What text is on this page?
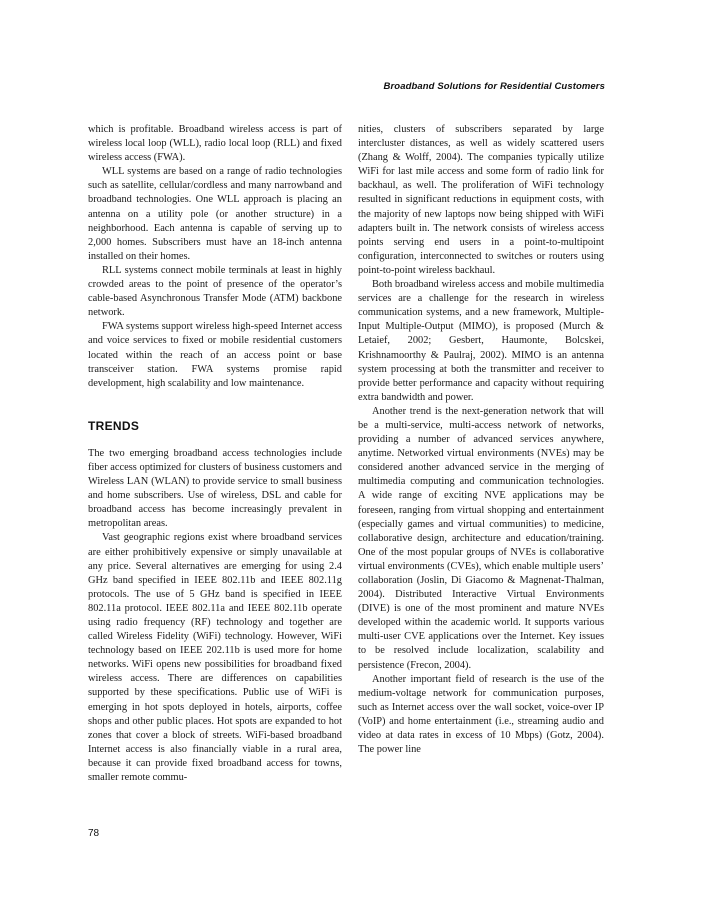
Broadband Solutions for Residential Customers

which is profitable. Broadband wireless access is part of wireless local loop (WLL), radio local loop (RLL) and fixed wireless access (FWA).

WLL systems are based on a range of radio technologies such as satellite, cellular/cordless and many narrowband and broadband technologies. One WLL approach is placing an antenna on a utility pole (or another structure) in a neighborhood. Each antenna is capable of serving up to 2,000 homes. Subscribers must have an 18-inch antenna installed on their homes.

RLL systems connect mobile terminals at least in highly crowded areas to the point of presence of the operator’s cable-based Asynchronous Transfer Mode (ATM) backbone network.

FWA systems support wireless high-speed Internet access and voice services to fixed or mobile residential customers located within the reach of an access point or base transceiver station. FWA systems promise rapid development, high scalability and low maintenance.

TRENDS

The two emerging broadband access technologies include fiber access optimized for clusters of business customers and Wireless LAN (WLAN) to provide service to small business and home subscribers. Use of wireless, DSL and cable for broadband access has become increasingly prevalent in metropolitan areas.

Vast geographic regions exist where broadband services are either prohibitively expensive or simply unavailable at any price. Several alternatives are emerging for using 2.4 GHz band specified in IEEE 802.11b and IEEE 802.11g protocols. The use of 5 GHz band is specified in IEEE 802.11a protocol. IEEE 802.11a and IEEE 802.11b operate using radio frequency (RF) technology and together are called Wireless Fidelity (WiFi) technology. However, WiFi technology based on IEEE 202.11b is used more for home networks. WiFi opens new possibilities for broadband fixed wireless access. There are differences on capabilities supported by these specifications. Public use of WiFi is emerging in hot spots deployed in hotels, airports, coffee shops and other public places. Hot spots are expanded to hot zones that cover a block of streets. WiFi-based broadband Internet access is also financially viable in a rural area, because it can provide fixed broadband access for towns, smaller remote commu-

nities, clusters of subscribers separated by large intercluster distances, as well as widely scattered users (Zhang & Wolff, 2004). The companies typically utilize WiFi for last mile access and some form of radio link for backhaul, as well. The proliferation of WiFi technology resulted in significant reductions in equipment costs, with the majority of new laptops now being shipped with WiFi adapters built in. The network consists of wireless access points serving end users in a point-to-multipoint configuration, interconnected to switches or routers using point-to-point wireless backhaul.

Both broadband wireless access and mobile multimedia services are a challenge for the research in wireless communication systems, and a new framework, Multiple-Input Multiple-Output (MIMO), is proposed (Murch & Letaief, 2002; Gesbert, Haumonte, Bolcskei, Krishnamoorthy & Paulraj, 2002). MIMO is an antenna system processing at both the transmitter and receiver to provide better performance and capacity without requiring extra bandwidth and power.

Another trend is the next-generation network that will be a multi-service, multi-access network of networks, providing a number of advanced services anywhere, anytime. Networked virtual environments (NVEs) may be considered another advanced service in the merging of multimedia computing and communication technologies. A wide range of exciting NVE applications may be foreseen, ranging from virtual shopping and entertainment (especially games and virtual communities) to medicine, collaborative design, architecture and education/training. One of the most popular groups of NVEs is collaborative virtual environments (CVEs), which enable multiple users’ collaboration (Joslin, Di Giacomo & Magnenat-Thalman, 2004). Distributed Interactive Virtual Environments (DIVE) is one of the most prominent and mature NVEs developed within the academic world. It supports various multi-user CVE applications over the Internet. Key issues to be resolved include localization, scalability and persistence (Frecon, 2004).

Another important field of research is the use of the medium-voltage network for communication purposes, such as Internet access over the wall socket, voice-over IP (VoIP) and home entertainment (i.e., streaming audio and video at data rates in excess of 10 Mbps) (Gotz, 2004). The power line

78
